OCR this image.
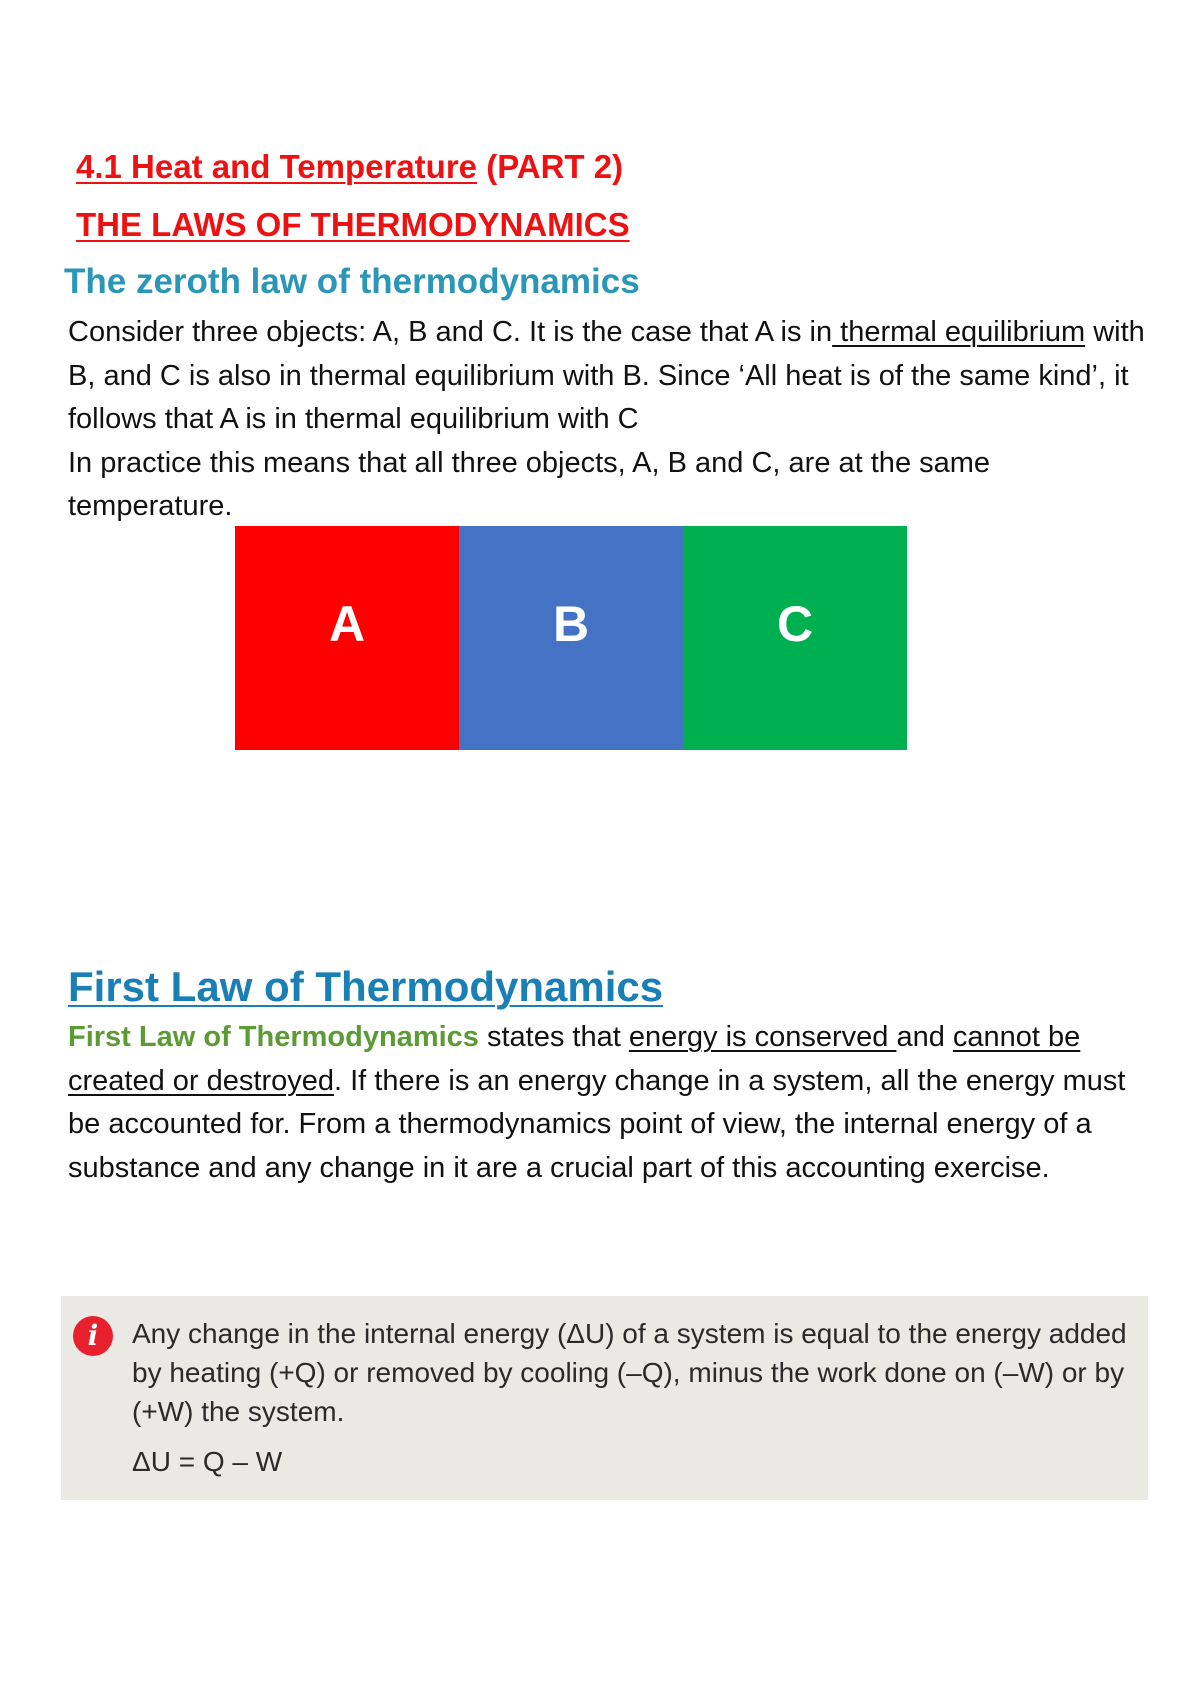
4.1 Heat and Temperature (PART 2)
THE LAWS OF THERMODYNAMICS
The zeroth law of thermodynamics

Consider three objects: A, B and C. It is the case that A is in thermal equilibrium with B, and C is also in thermal equilibrium with B. Since ‘All heat is of the same kind’, it follows that A is in thermal equilibrium with C

In practice this means that all three objects, A, B and C, are at the same temperature.

A	B	C
First Law of Thermodynamics

First Law of Thermodynamics states that energy is conserved and cannot be created or destroyed. If there is an energy change in a system, all the energy must be accounted for. From a thermodynamics point of view, the internal energy of a substance and any change in it are a crucial part of this accounting exercise.

i	Any change in the internal energy (ΔU) of a system is equal to the energy added by heating (+Q) or removed by cooling (–Q), minus the work done on (–W) or by (+W) the system.
ΔU = Q – W
